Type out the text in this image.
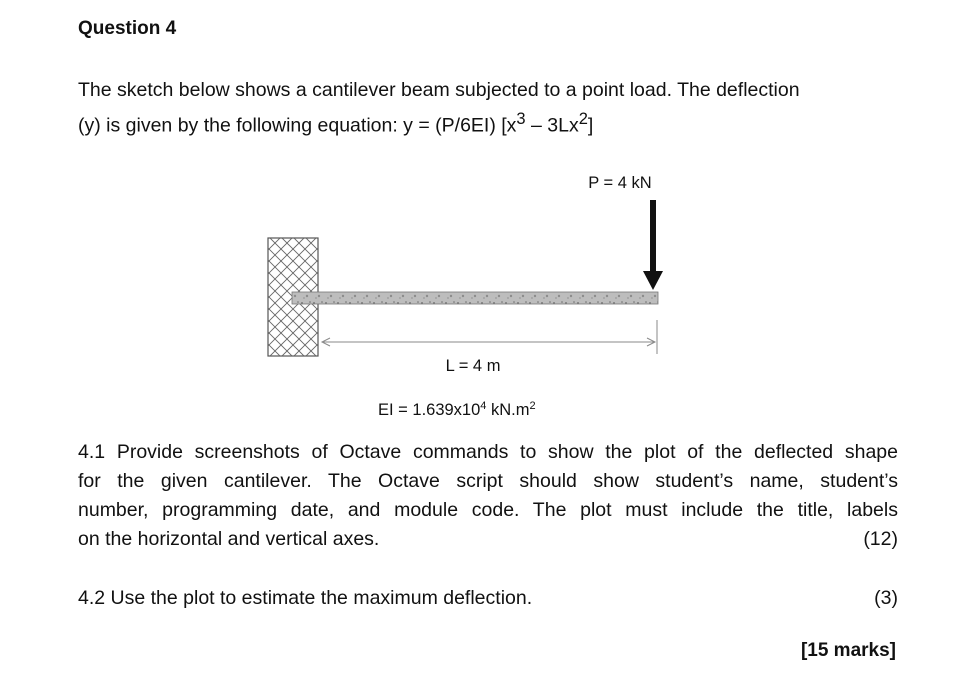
Question 4
The sketch below shows a cantilever beam subjected to a point load. The deflection
(y) is given by the following equation: y = (P/6EI) $[x^3 - 3Lx^2]$
P = 4 kN
L = 4 m
EI = $1.639x10^4$ $kN.m^2$
4.1 Provide screenshots of Octave commands to show the plot of the deflected shape
for the given cantilever. The Octave script should show student’s name, student’s
number, programming date, and module code. The plot must include the title, labels
on the horizontal and vertical axes.	(12)
4.2 Use the plot to estimate the maximum deflection.	(3)
[15 marks]
